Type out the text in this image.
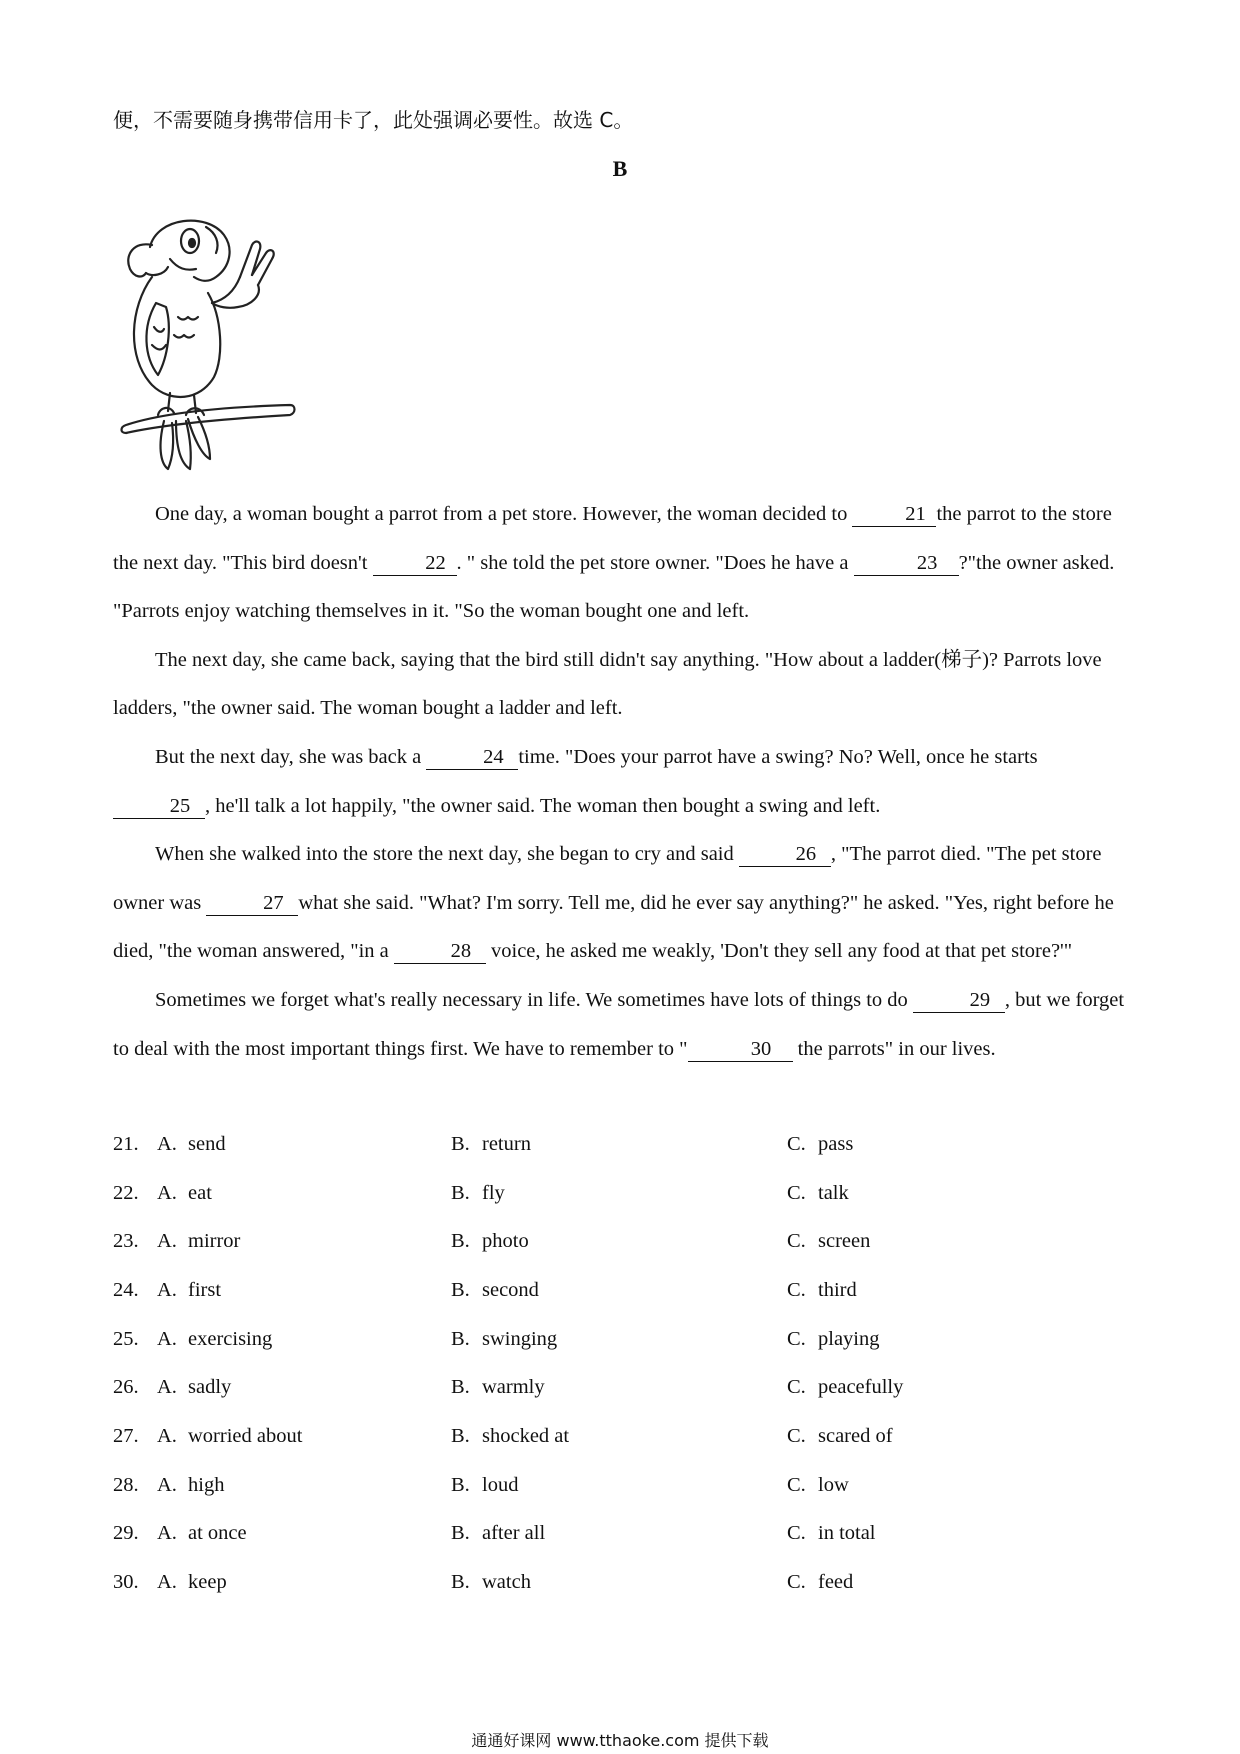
便，不需要随身携带信用卡了，此处强调必要性。故选 C。
B

One day, a woman bought a parrot from a pet store. However, the woman decided to	21 the parrot to the store the next day. "This bird doesn't	22 . " she told the pet store owner. "Does he have a	23 ?"the owner asked. "Parrots enjoy watching themselves in it. "So the woman bought one and left.

The next day, she came back, saying that the bird still didn't say anything. "How about a ladder(梯子)? Parrots love ladders, "the owner said. The woman bought a ladder and left.

But the next day, she was back a	24 time. "Does your parrot have a swing? No? Well, once he starts 25 , he'll talk a lot happily, "the owner said. The woman then bought a swing and left.

When she walked into the store the next day, she began to cry and said	26 , "The parrot died. "The pet store owner was	27 what she said. "What? I'm sorry. Tell me, did he ever say anything?" he asked. "Yes, right before he died, "the woman answered, "in a	28 voice, he asked me weakly, 'Don't they sell any food at that pet store?'"

Sometimes we forget what's really necessary in life. We sometimes have lots of things to do	29 , but we forget to deal with the most important things first. We have to remember to "	30 the parrots" in our lives.

21. A. send	B. return	C. pass
22. A. eat	B. fly	C. talk
23. A. mirror	B. photo	C. screen
24. A. first	B. second	C. third
25. A. exercising	B. swinging	C. playing
26. A. sadly	B. warmly	C. peacefully
27. A. worried about	B. shocked at	C. scared of
28. A. high	B. loud	C. low
29. A. at once	B. after all	C. in total
30. A. keep	B. watch	C. feed
通通好课网 www.tthaoke.com 提供下载
